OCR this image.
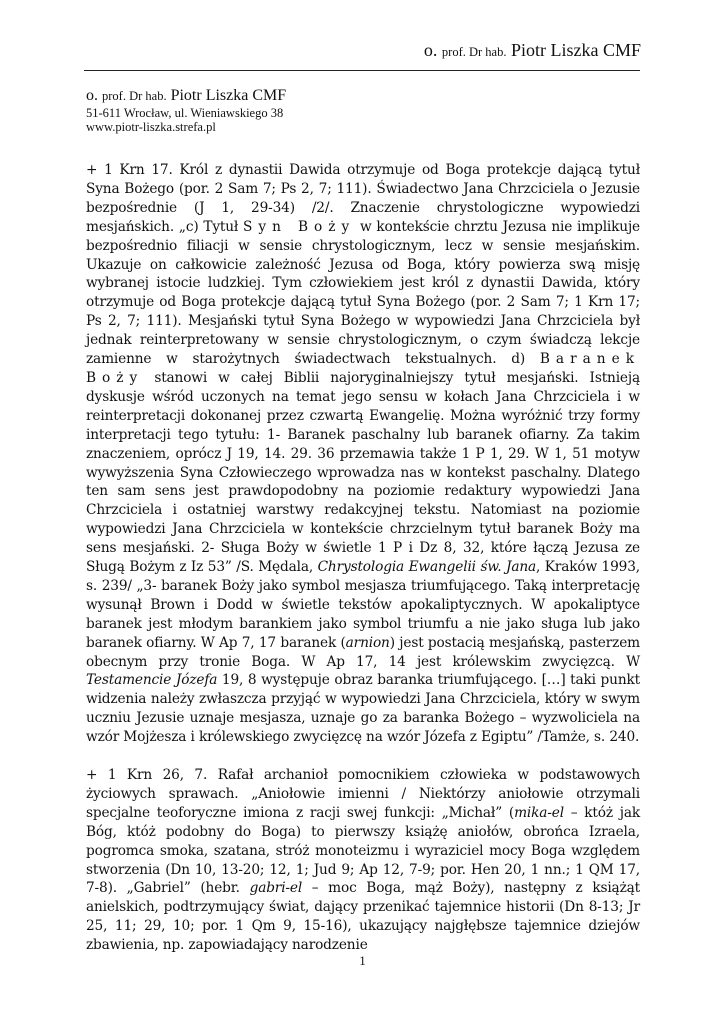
o. prof. Dr hab. Piotr Liszka CMF
o. prof. Dr hab. Piotr Liszka CMF
51-611 Wrocław, ul. Wieniawskiego 38
www.piotr-liszka.strefa.pl

+ 1 Krn 17. Król z dynastii Dawida otrzymuje od Boga protekcje dającą tytuł Syna Bożego (por. 2 Sam 7; Ps 2, 7; 111). Świadectwo Jana Chrzciciela o Jezusie bezpośrednie (J 1, 29-34) /2/. Znaczenie chrystologiczne wypowiedzi mesjańskich. „c) Tytuł Syn Boży w kontekście chrztu Jezusa nie implikuje bezpośrednio filiacji w sensie chrystologicznym, lecz w sensie mesjańskim. Ukazuje on całkowicie zależność Jezusa od Boga, który powierza swą misję wybranej istocie ludzkiej. Tym człowiekiem jest król z dynastii Dawida, który otrzymuje od Boga protekcje dającą tytuł Syna Bożego (por. 2 Sam 7; 1 Krn 17; Ps 2, 7; 111). Mesjański tytuł Syna Bożego w wypowiedzi Jana Chrzciciela był jednak reinterpretowany w sensie chrystologicznym, o czym świadczą lekcje zamienne w starożytnych świadectwach tekstualnych. d) Baranek Boży stanowi w całej Biblii najoryginalniejszy tytuł mesjański. Istnieją dyskusje wśród uczonych na temat jego sensu w kołach Jana Chrzciciela i w reinterpretacji dokonanej przez czwartą Ewangelię. Można wyróżnić trzy formy interpretacji tego tytułu: 1- Baranek paschalny lub baranek ofiarny. Za takim znaczeniem, oprócz J 19, 14. 29. 36 przemawia także 1 P 1, 29. W 1, 51 motyw wywyższenia Syna Człowieczego wprowadza nas w kontekst paschalny. Dlatego ten sam sens jest prawdopodobny na poziomie redaktury wypowiedzi Jana Chrzciciela i ostatniej warstwy redakcyjnej tekstu. Natomiast na poziomie wypowiedzi Jana Chrzciciela w kontekście chrzcielnym tytuł baranek Boży ma sens mesjański. 2- Sługa Boży w świetle 1 P i Dz 8, 32, które łączą Jezusa ze Sługą Bożym z Iz 53” /S. Mędala, Chrystologia Ewangelii św. Jana, Kraków 1993, s. 239/ „3- baranek Boży jako symbol mesjasza triumfującego. Taką interpretację wysunął Brown i Dodd w świetle tekstów apokaliptycznych. W apokaliptyce baranek jest młodym barankiem jako symbol triumfu a nie jako sługa lub jako baranek ofiarny. W Ap 7, 17 baranek (arnion) jest postacią mesjańską, pasterzem obecnym przy tronie Boga. W Ap 17, 14 jest królewskim zwycięzcą. W Testamencie Józefa 19, 8 występuje obraz baranka triumfującego. […] taki punkt widzenia należy zwłaszcza przyjąć w wypowiedzi Jana Chrzciciela, który w swym uczniu Jezusie uznaje mesjasza, uznaje go za baranka Bożego – wyzwoliciela na wzór Mojżesza i królewskiego zwycięzcę na wzór Józefa z Egiptu” /Tamże, s. 240.

+ 1 Krn 26, 7. Rafał archanioł pomocnikiem człowieka w podstawowych życiowych sprawach. „Aniołowie imienni / Niektórzy aniołowie otrzymali specjalne teoforyczne imiona z racji swej funkcji: „Michał” (mika-el – któż jak Bóg, któż podobny do Boga) to pierwszy książę aniołów, obrońca Izraela, pogromca smoka, szatana, stróż monoteizmu i wyraziciel mocy Boga względem stworzenia (Dn 10, 13-20; 12, 1; Jud 9; Ap 12, 7-9; por. Hen 20, 1 nn.; 1 QM 17, 7-8). „Gabriel” (hebr. gabri-el – moc Boga, mąż Boży), następny z książąt anielskich, podtrzymujący świat, dający przenikać tajemnice historii (Dn 8-13; Jr 25, 11; 29, 10; por. 1 Qm 9, 15-16), ukazujący najgłębsze tajemnice dziejów zbawienia, np. zapowiadający narodzenie

1
